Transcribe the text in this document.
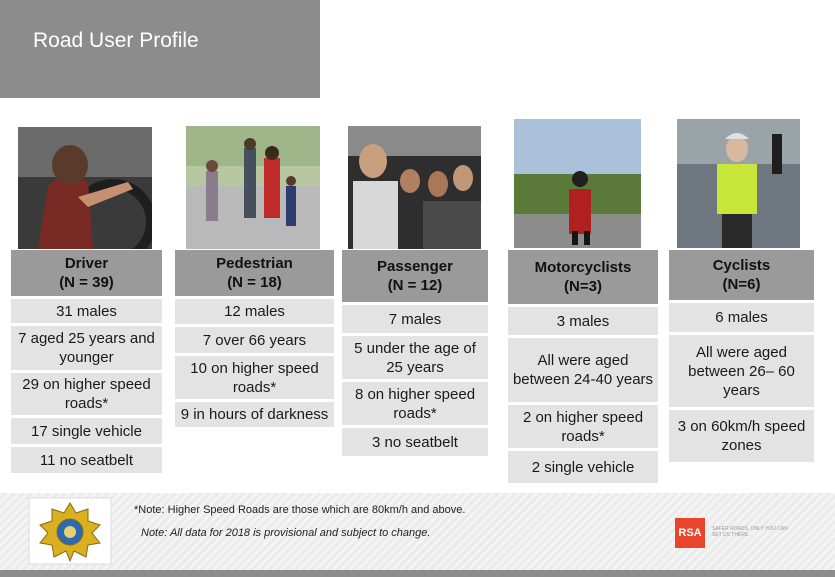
Road User Profile
Driver
(N = 39)
31 males
7 aged 25 years and younger
29 on higher speed roads*
17 single vehicle
11 no seatbelt
Pedestrian
(N = 18)
12 males
7 over 66 years
10 on higher speed roads*
9 in hours of darkness
Passenger
(N = 12)
7 males
5 under the age of 25 years
8 on higher speed roads*
3 no seatbelt
Motorcyclists
(N=3)
3 males
All were aged between 24-40 years
2 on higher speed roads*
2 single vehicle
Cyclists
(N=6)
6 males
All were aged between 26– 60 years
3 on 60km/h speed zones
*Note: Higher Speed Roads are those which are 80km/h and above.
Note: All data for 2018 is provisional and subject to change.	RSA	SAFER ROADS. ONLY YOU CAN SET US THERE.
